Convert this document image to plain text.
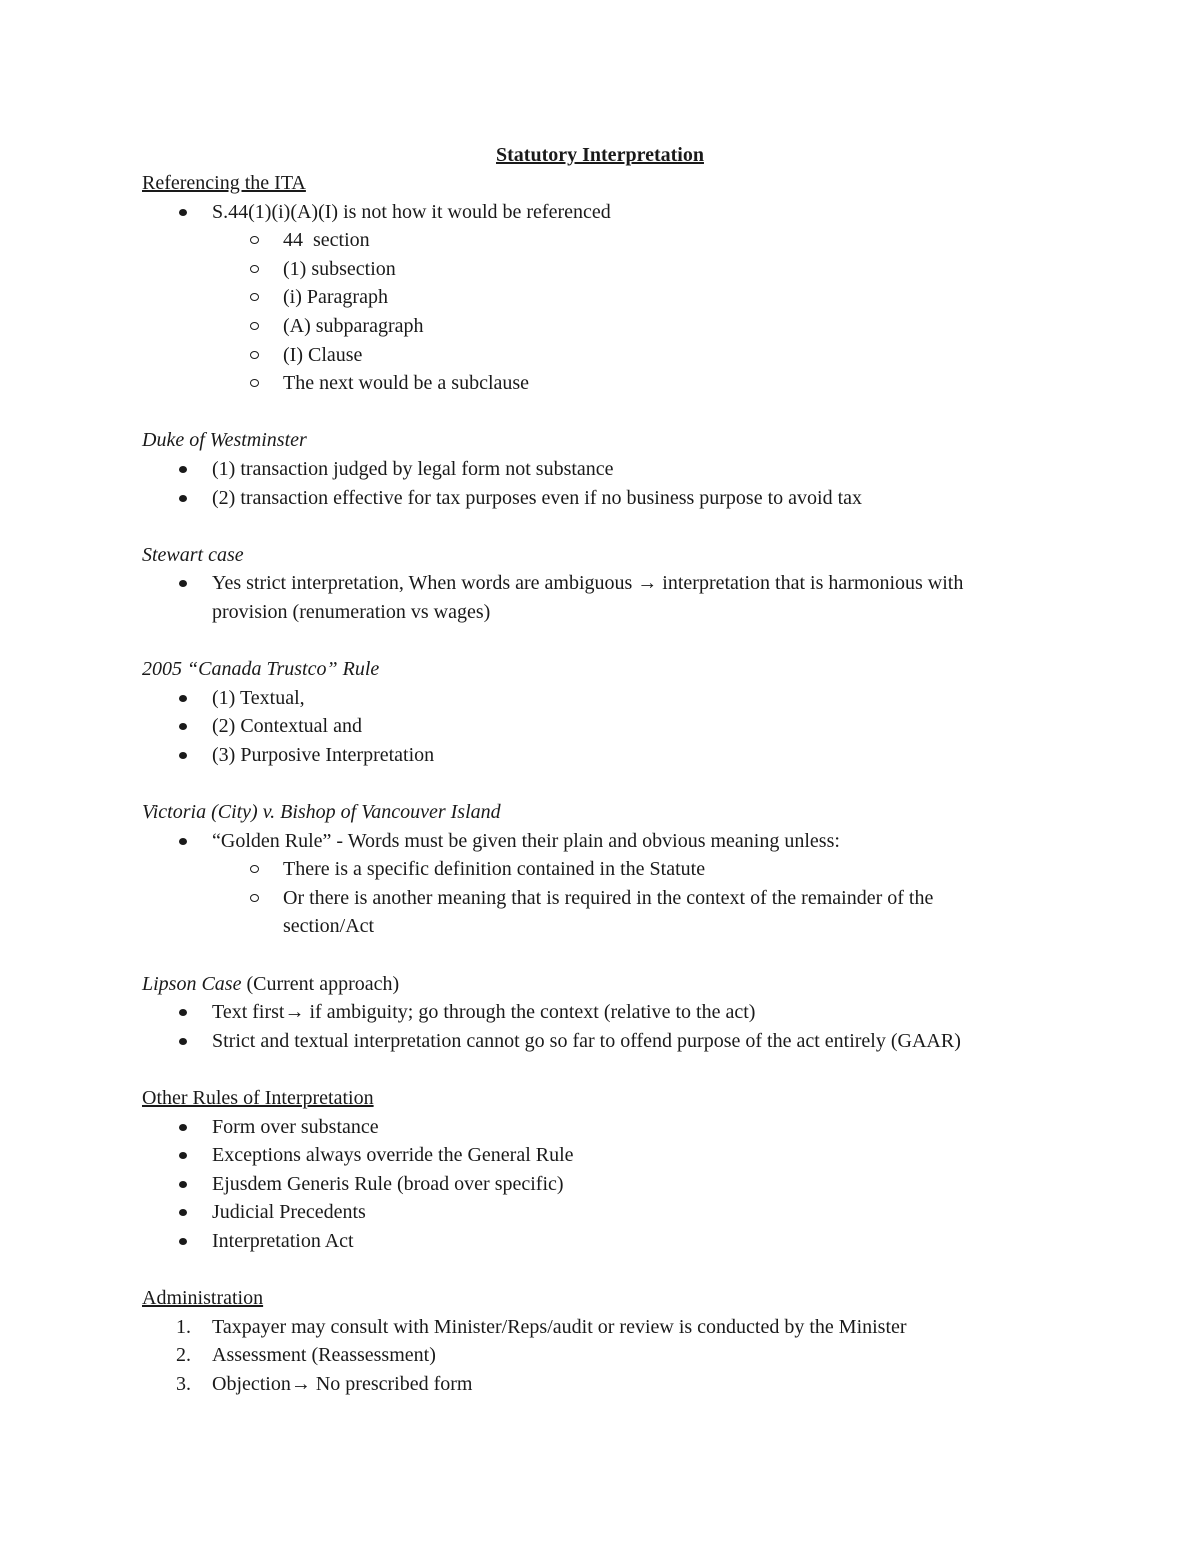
Statutory Interpretation
Referencing the ITA
S.44(1)(i)(A)(I) is not how it would be referenced
44  section
(1) subsection
(i) Paragraph
(A) subparagraph
(I) Clause
The next would be a subclause
Duke of Westminster
(1) transaction judged by legal form not substance
(2) transaction effective for tax purposes even if no business purpose to avoid tax
Stewart case
Yes strict interpretation, When words are ambiguous → interpretation that is harmonious with provision (renumeration vs wages)
2005 “Canada Trustco” Rule
(1) Textual,
(2) Contextual and
(3) Purposive Interpretation
Victoria (City) v. Bishop of Vancouver Island
“Golden Rule” - Words must be given their plain and obvious meaning unless:
There is a specific definition contained in the Statute
Or there is another meaning that is required in the context of the remainder of the section/Act
Lipson Case (Current approach)
Text first→ if ambiguity; go through the context (relative to the act)
Strict and textual interpretation cannot go so far to offend purpose of the act entirely (GAAR)
Other Rules of Interpretation
Form over substance
Exceptions always override the General Rule
Ejusdem Generis Rule (broad over specific)
Judicial Precedents
Interpretation Act
Administration
1. Taxpayer may consult with Minister/Reps/audit or review is conducted by the Minister
2. Assessment (Reassessment)
3. Objection→ No prescribed form
